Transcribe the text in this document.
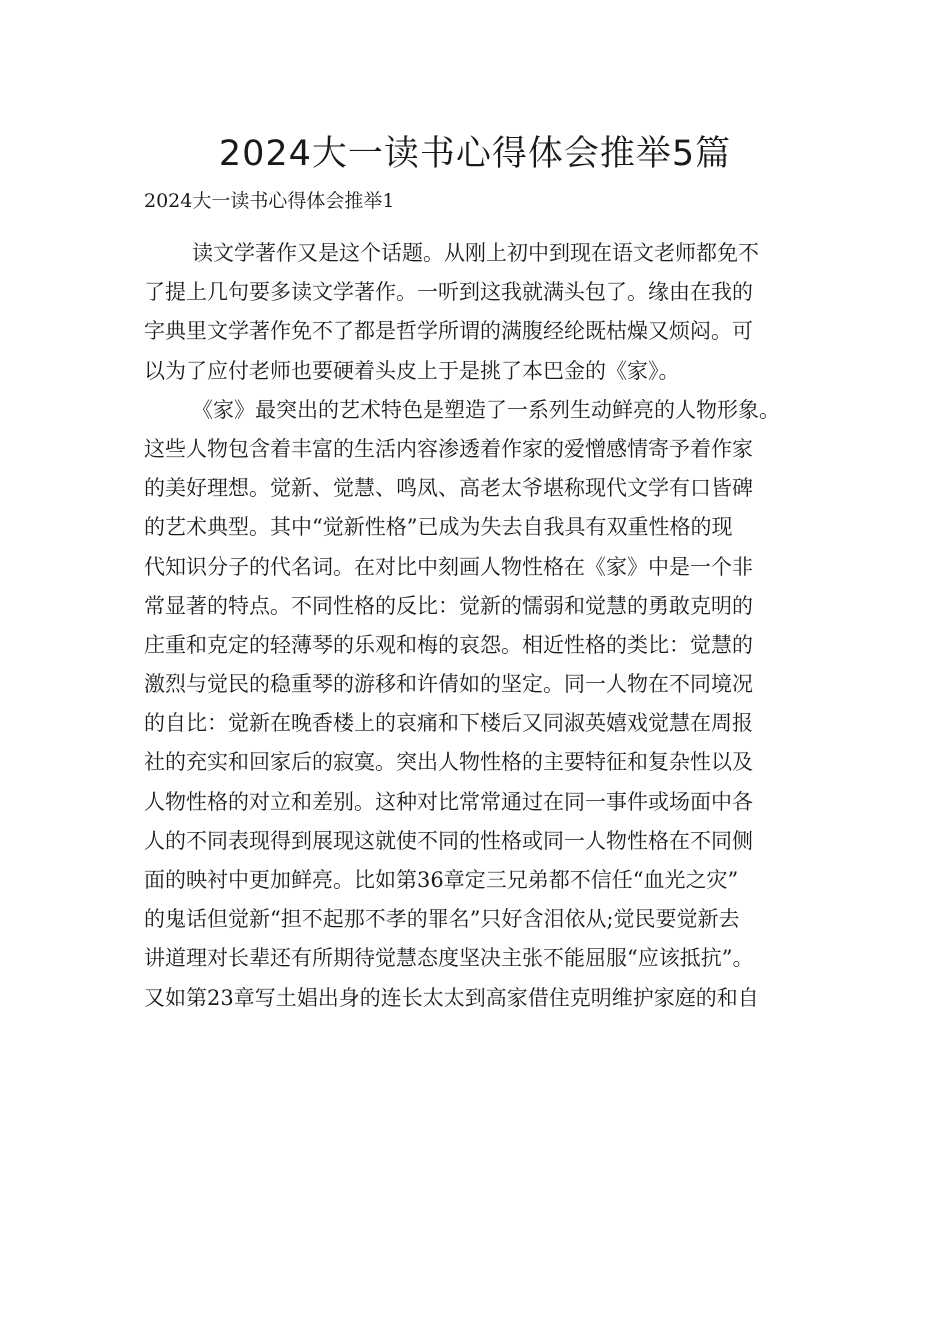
2024大一读书心得体会推举5篇
2024大一读书心得体会推举1
读文学著作又是这个话题。从刚上初中到现在语文老师都免不
了提上几句要多读文学著作。一听到这我就满头包了。缘由在我的
字典里文学著作免不了都是哲学所谓的满腹经纶既枯燥又烦闷。可
以为了应付老师也要硬着头皮上于是挑了本巴金的《家》。
《家》最突出的艺术特色是塑造了一系列生动鲜亮的人物形象。
这些人物包含着丰富的生活内容渗透着作家的爱憎感情寄予着作家
的美好理想。觉新、觉慧、鸣凤、高老太爷堪称现代文学有口皆碑
的艺术典型。其中“觉新性格”已成为失去自我具有双重性格的现
代知识分子的代名词。在对比中刻画人物性格在《家》中是一个非
常显著的特点。不同性格的反比：觉新的懦弱和觉慧的勇敢克明的
庄重和克定的轻薄琴的乐观和梅的哀怨。相近性格的类比：觉慧的
激烈与觉民的稳重琴的游移和许倩如的坚定。同一人物在不同境况
的自比：觉新在晚香楼上的哀痛和下楼后又同淑英嬉戏觉慧在周报
社的充实和回家后的寂寞。突出人物性格的主要特征和复杂性以及
人物性格的对立和差别。这种对比常常通过在同一事件或场面中各
人的不同表现得到展现这就使不同的性格或同一人物性格在不同侧
面的映衬中更加鲜亮。比如第36章定三兄弟都不信任“血光之灾”
的鬼话但觉新“担不起那不孝的罪名”只好含泪依从;觉民要觉新去
讲道理对长辈还有所期待觉慧态度坚决主张不能屈服“应该抵抗”。
又如第23章写土娼出身的连长太太到高家借住克明维护家庭的和自
